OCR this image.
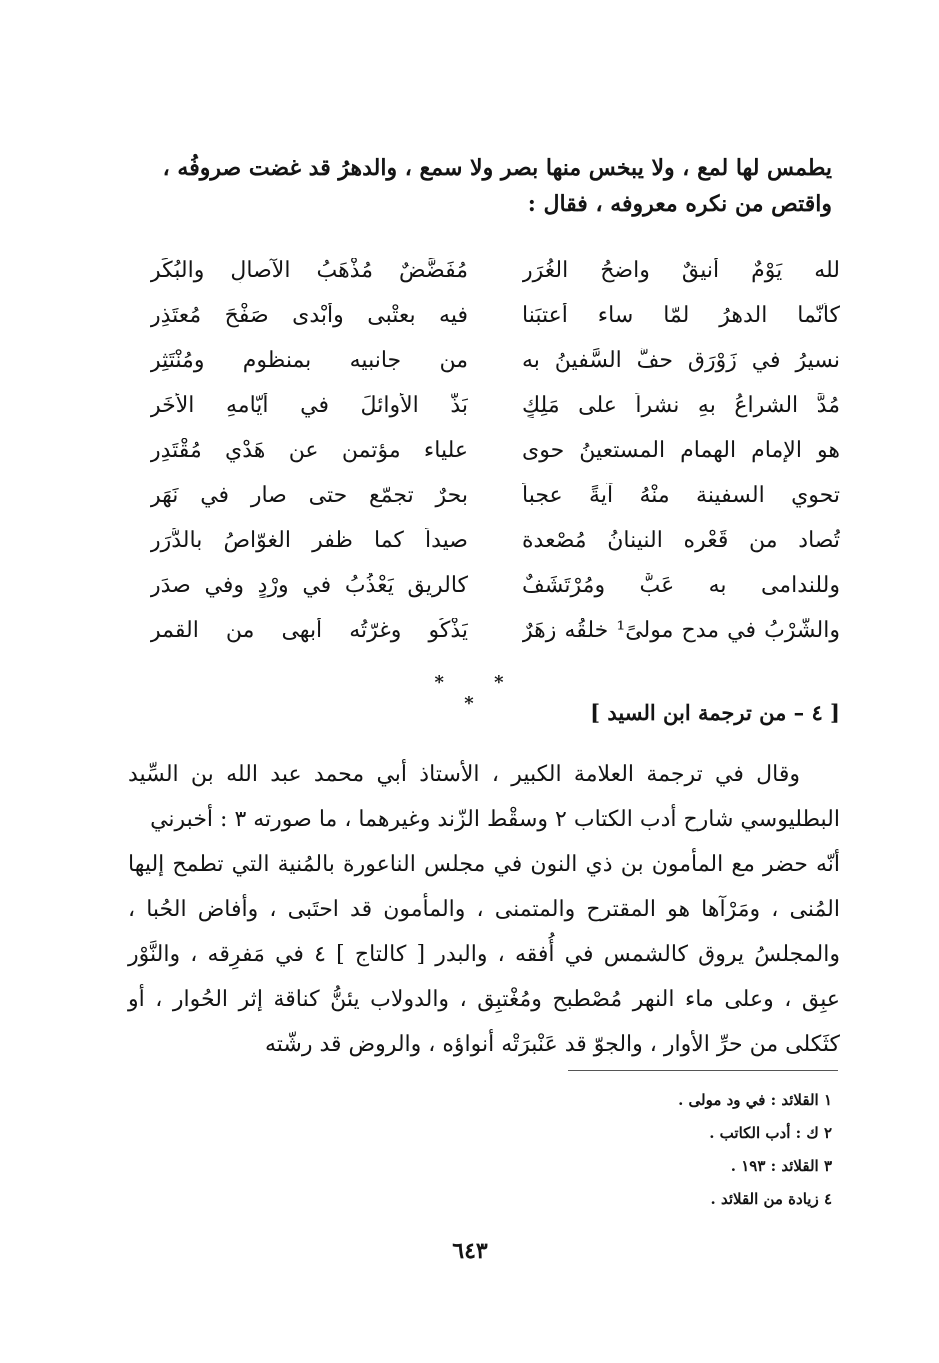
يطمس لها لمع ، ولا يبخس منها بصر ولا سمع ، والدهرُ قد غضت صروفُه ،

واقتص من نكره معروفه ، فقال :

لله يَوْمٌ أنيقٌ واضحُ الغُرَرِ
مُفَضَّضٌ مُذْهَبُ الآصالِ والبُكَرِ
كأنّما الدهرُ لمّا ساء أعتبَنا
فيه بعتْبى وأبْدى صَفْحَ مُعتَذِرِ
نسيرُ في زَوْرَقٍ حفَّ السَّفينُ به
من جانبيه بمنظومٍ ومُنْتَثِرِ
مُدَّ الشراعُ بهِ نشراً على مَلِكٍ
بَذَّ الأوائلَ في أيّامهِ الأُخَرِ
هو الإمام الهمام المستعينُ حوى
علياء مؤتمن عن هَدْيِ مُقْتَدِرِ
تحوي السفينة منْهُ آيةً عجباً
بحرٌ تجمّع حتى صار في نَهَرِ
تُصاد من قَعْرِه النينانُ مُصْعدة
صيداً كما ظفر الغوّاصُ بالدُّرَرِ
وللندامى به عَبٌّ ومُرْتَشَفٌ
كالريق يَعْذُبُ في وِرْدٍ وفي صدَرِ
والشّرْبُ في مدح مولىً¹ خلقُه زهَرٌ
يَذْكُو وغرّتُه أبهى من القمرِ
* * *	[ ٤ – من ترجمة ابن السيد ]

وقال في ترجمة العلامة الكبير ، الأستاذ أبي محمد عبد الله بن السِّيد البطليوسي شارح أدب الكتاب ٢ وسقْط الزّند وغيرهما ، ما صورته ٣ : أخبرني

أنّه حضر مع المأمون بن ذي النون في مجلس الناعورة بالمُنية التي تطمح إليها المُنى ، ومَرْآها هو المقترح والمتمنى ، والمأمون قد احتَبى ، وأفاض الحُبا ، والمجلسُ يروق كالشمس في أُفقه ، والبدر [ كالتاج ] ٤ في مَفرِقه ، والنَّوْر عبِق ، وعلى ماء النهر مُصْطبح ومُغْتبِق ، والدولاب يئنُّ كناقة إثر الحُوار ، أو كثَكلى من حرِّ الأوار ، والجوّ قد عَنْبرَتْه أنواؤه ، والروض قد رشّته

١ القلائد : في ود مولى .
٢ ك : أدب الكاتب .
٣ القلائد : ١٩٣ .
٤ زيادة من القلائد .
٦٤٣
